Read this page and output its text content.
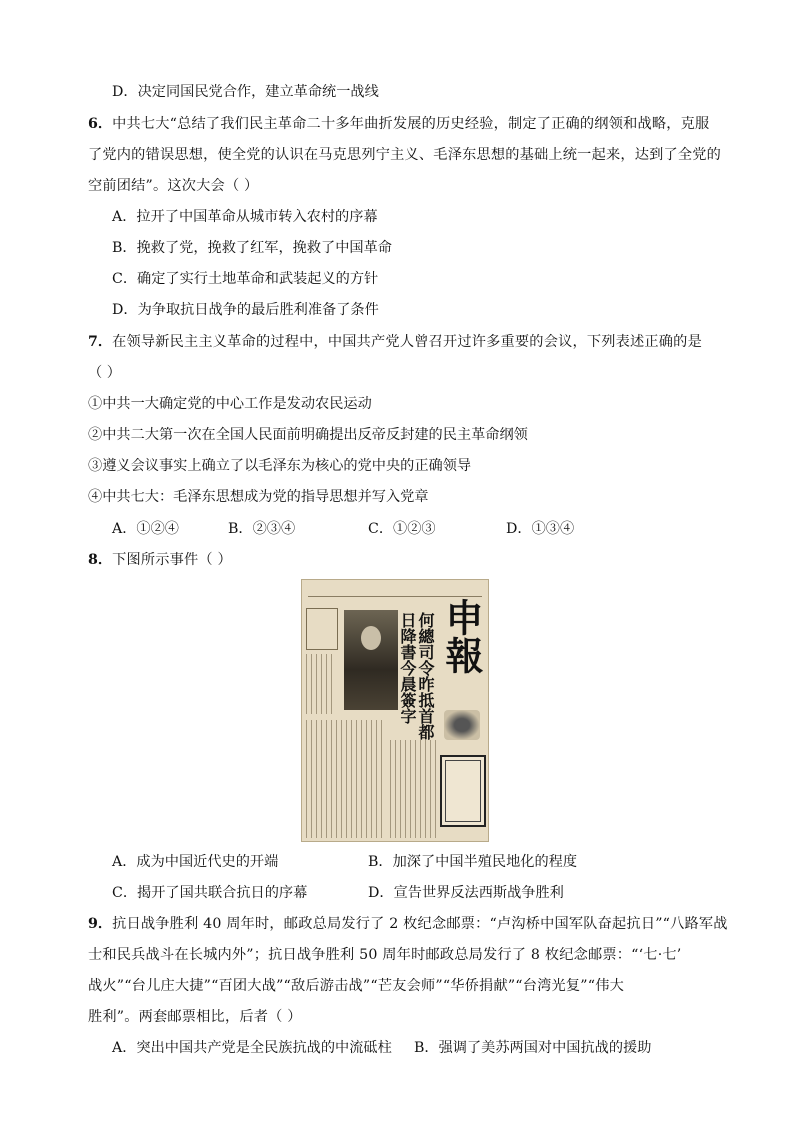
D．决定同国民党合作，建立革命统一战线
6．中共七大“总结了我们民主革命二十多年曲折发展的历史经验，制定了正确的纲领和战略，克服
了党内的错误思想，使全党的认识在马克思列宁主义、毛泽东思想的基础上统一起来，达到了全党的
空前团结”。这次大会（ ）
A．拉开了中国革命从城市转入农村的序幕
B．挽救了党，挽救了红军，挽救了中国革命
C．确定了实行土地革命和武装起义的方针
D．为争取抗日战争的最后胜利准备了条件
7．在领导新民主主义革命的过程中，中国共产党人曾召开过许多重要的会议，下列表述正确的是
（ ）
①中共一大确定党的中心工作是发动农民运动
②中共二大第一次在全国人民面前明确提出反帝反封建的民主革命纲领
③遵义会议事实上确立了以毛泽东为核心的党中央的正确领导
④中共七大：毛泽东思想成为党的指导思想并写入党章
A．①②④	B．②③④	C．①②③	D．①③④
8．下图所示事件（ ）
何總司令昨抵首都
日降書今晨簽字 申報
A．成为中国近代史的开端	B．加深了中国半殖民地化的程度
C．揭开了国共联合抗日的序幕	D．宣告世界反法西斯战争胜利
9．抗日战争胜利 40 周年时，邮政总局发行了 2 枚纪念邮票：“卢沟桥中国军队奋起抗日”“八路军战
士和民兵战斗在长城内外”；抗日战争胜利 50 周年时邮政总局发行了 8 枚纪念邮票：“‘七·七’
战火”“台儿庄大捷”“百团大战”“敌后游击战”“芒友会师”“华侨捐献”“台湾光复”“伟大
胜利”。两套邮票相比，后者（ ）
A．突出中国共产党是全民族抗战的中流砥柱 B．强调了美苏两国对中国抗战的援助
